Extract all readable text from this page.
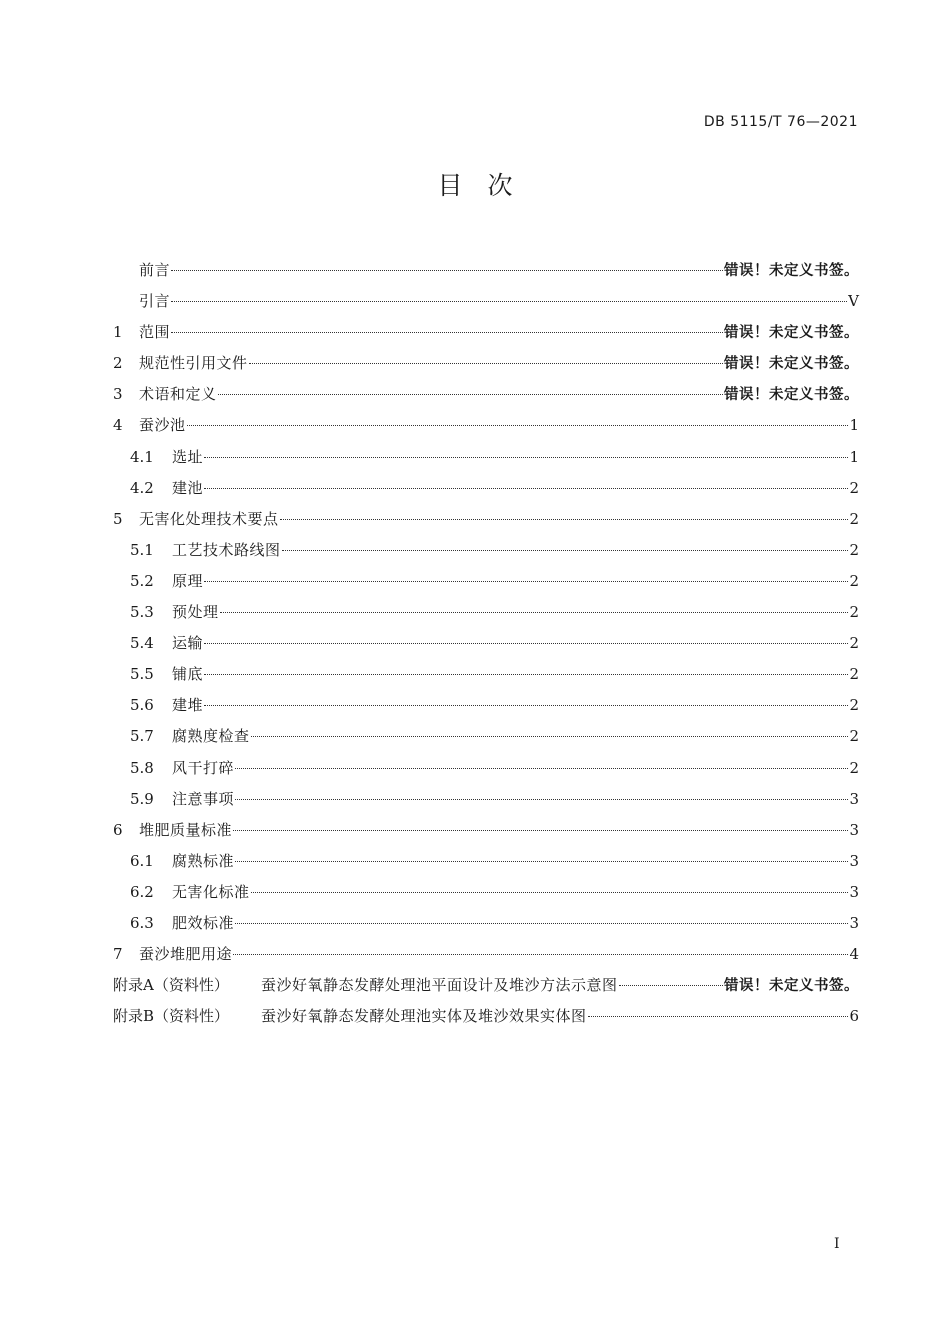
DB 5115/T 76—2021
目　次
前言	错误！未定义书签。
引言	V
1	范围	错误！未定义书签。
2	规范性引用文件	错误！未定义书签。
3	术语和定义	错误！未定义书签。
4	蚕沙池	1
4.1	选址	1
4.2	建池	2
5	无害化处理技术要点	2
5.1	工艺技术路线图	2
5.2	原理	2
5.3	预处理	2
5.4	运输	2
5.5	铺底	2
5.6	建堆	2
5.7	腐熟度检查	2
5.8	风干打碎	2
5.9	注意事项	3
6	堆肥质量标准	3
6.1	腐熟标准	3
6.2	无害化标准	3
6.3	肥效标准	3
7	蚕沙堆肥用途	4
附录A（资料性）	蚕沙好氧静态发酵处理池平面设计及堆沙方法示意图	错误！未定义书签。
附录B（资料性）	蚕沙好氧静态发酵处理池实体及堆沙效果实体图	6
I
